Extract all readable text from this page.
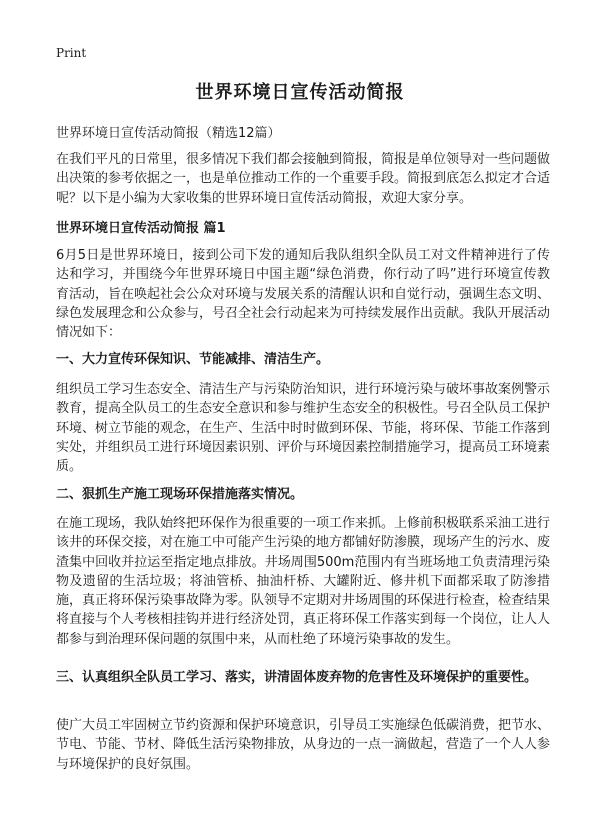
Print
世界环境日宣传活动简报
世界环境日宣传活动简报（精选12篇）

在我们平凡的日常里，很多情况下我们都会接触到简报，简报是单位领导对一些问题做出决策的参考依据之一，也是单位推动工作的一个重要手段。简报到底怎么拟定才合适呢？以下是小编为大家收集的世界环境日宣传活动简报，欢迎大家分享。

世界环境日宣传活动简报 篇1

6月5日是世界环境日，接到公司下发的通知后我队组织全队员工对文件精神进行了传达和学习，并围绕今年世界环境日中国主题“绿色消费，你行动了吗”进行环境宣传教育活动，旨在唤起社会公众对环境与发展关系的清醒认识和自觉行动，强调生态文明、绿色发展理念和公众参与，号召全社会行动起来为可持续发展作出贡献。我队开展活动情况如下：

一、大力宣传环保知识、节能减排、清洁生产。

组织员工学习生态安全、清洁生产与污染防治知识，进行环境污染与破坏事故案例警示教育，提高全队员工的生态安全意识和参与维护生态安全的积极性。号召全队员工保护环境、树立节能的观念，在生产、生活中时时做到环保、节能，将环保、节能工作落到实处，并组织员工进行环境因素识别、评价与环境因素控制措施学习，提高员工环境素质。

二、狠抓生产施工现场环保措施落实情况。

在施工现场，我队始终把环保作为很重要的一项工作来抓。上修前积极联系采油工进行该井的环保交接，对在施工中可能产生污染的地方都铺好防渗膜，现场产生的污水、废渣集中回收并拉运至指定地点排放。井场周围500m范围内有当班场地工负责清理污染物及遗留的生活垃圾；将油管桥、抽油杆桥、大罐附近、修井机下面都采取了防渗措施，真正将环保污染事故降为零。队领导不定期对井场周围的环保进行检查，检查结果将直接与个人考核相挂钩并进行经济处罚，真正将环保工作落实到每一个岗位，让人人都参与到治理环保问题的氛围中来，从而杜绝了环境污染事故的发生。

三、认真组织全队员工学习、落实，讲清固体废弃物的危害性及环境保护的重要性。

使广大员工牢固树立节约资源和保护环境意识，引导员工实施绿色低碳消费，把节水、节电、节能、节材、降低生活污染物排放，从身边的一点一滴做起，营造了一个人人参与环境保护的良好氛围。
